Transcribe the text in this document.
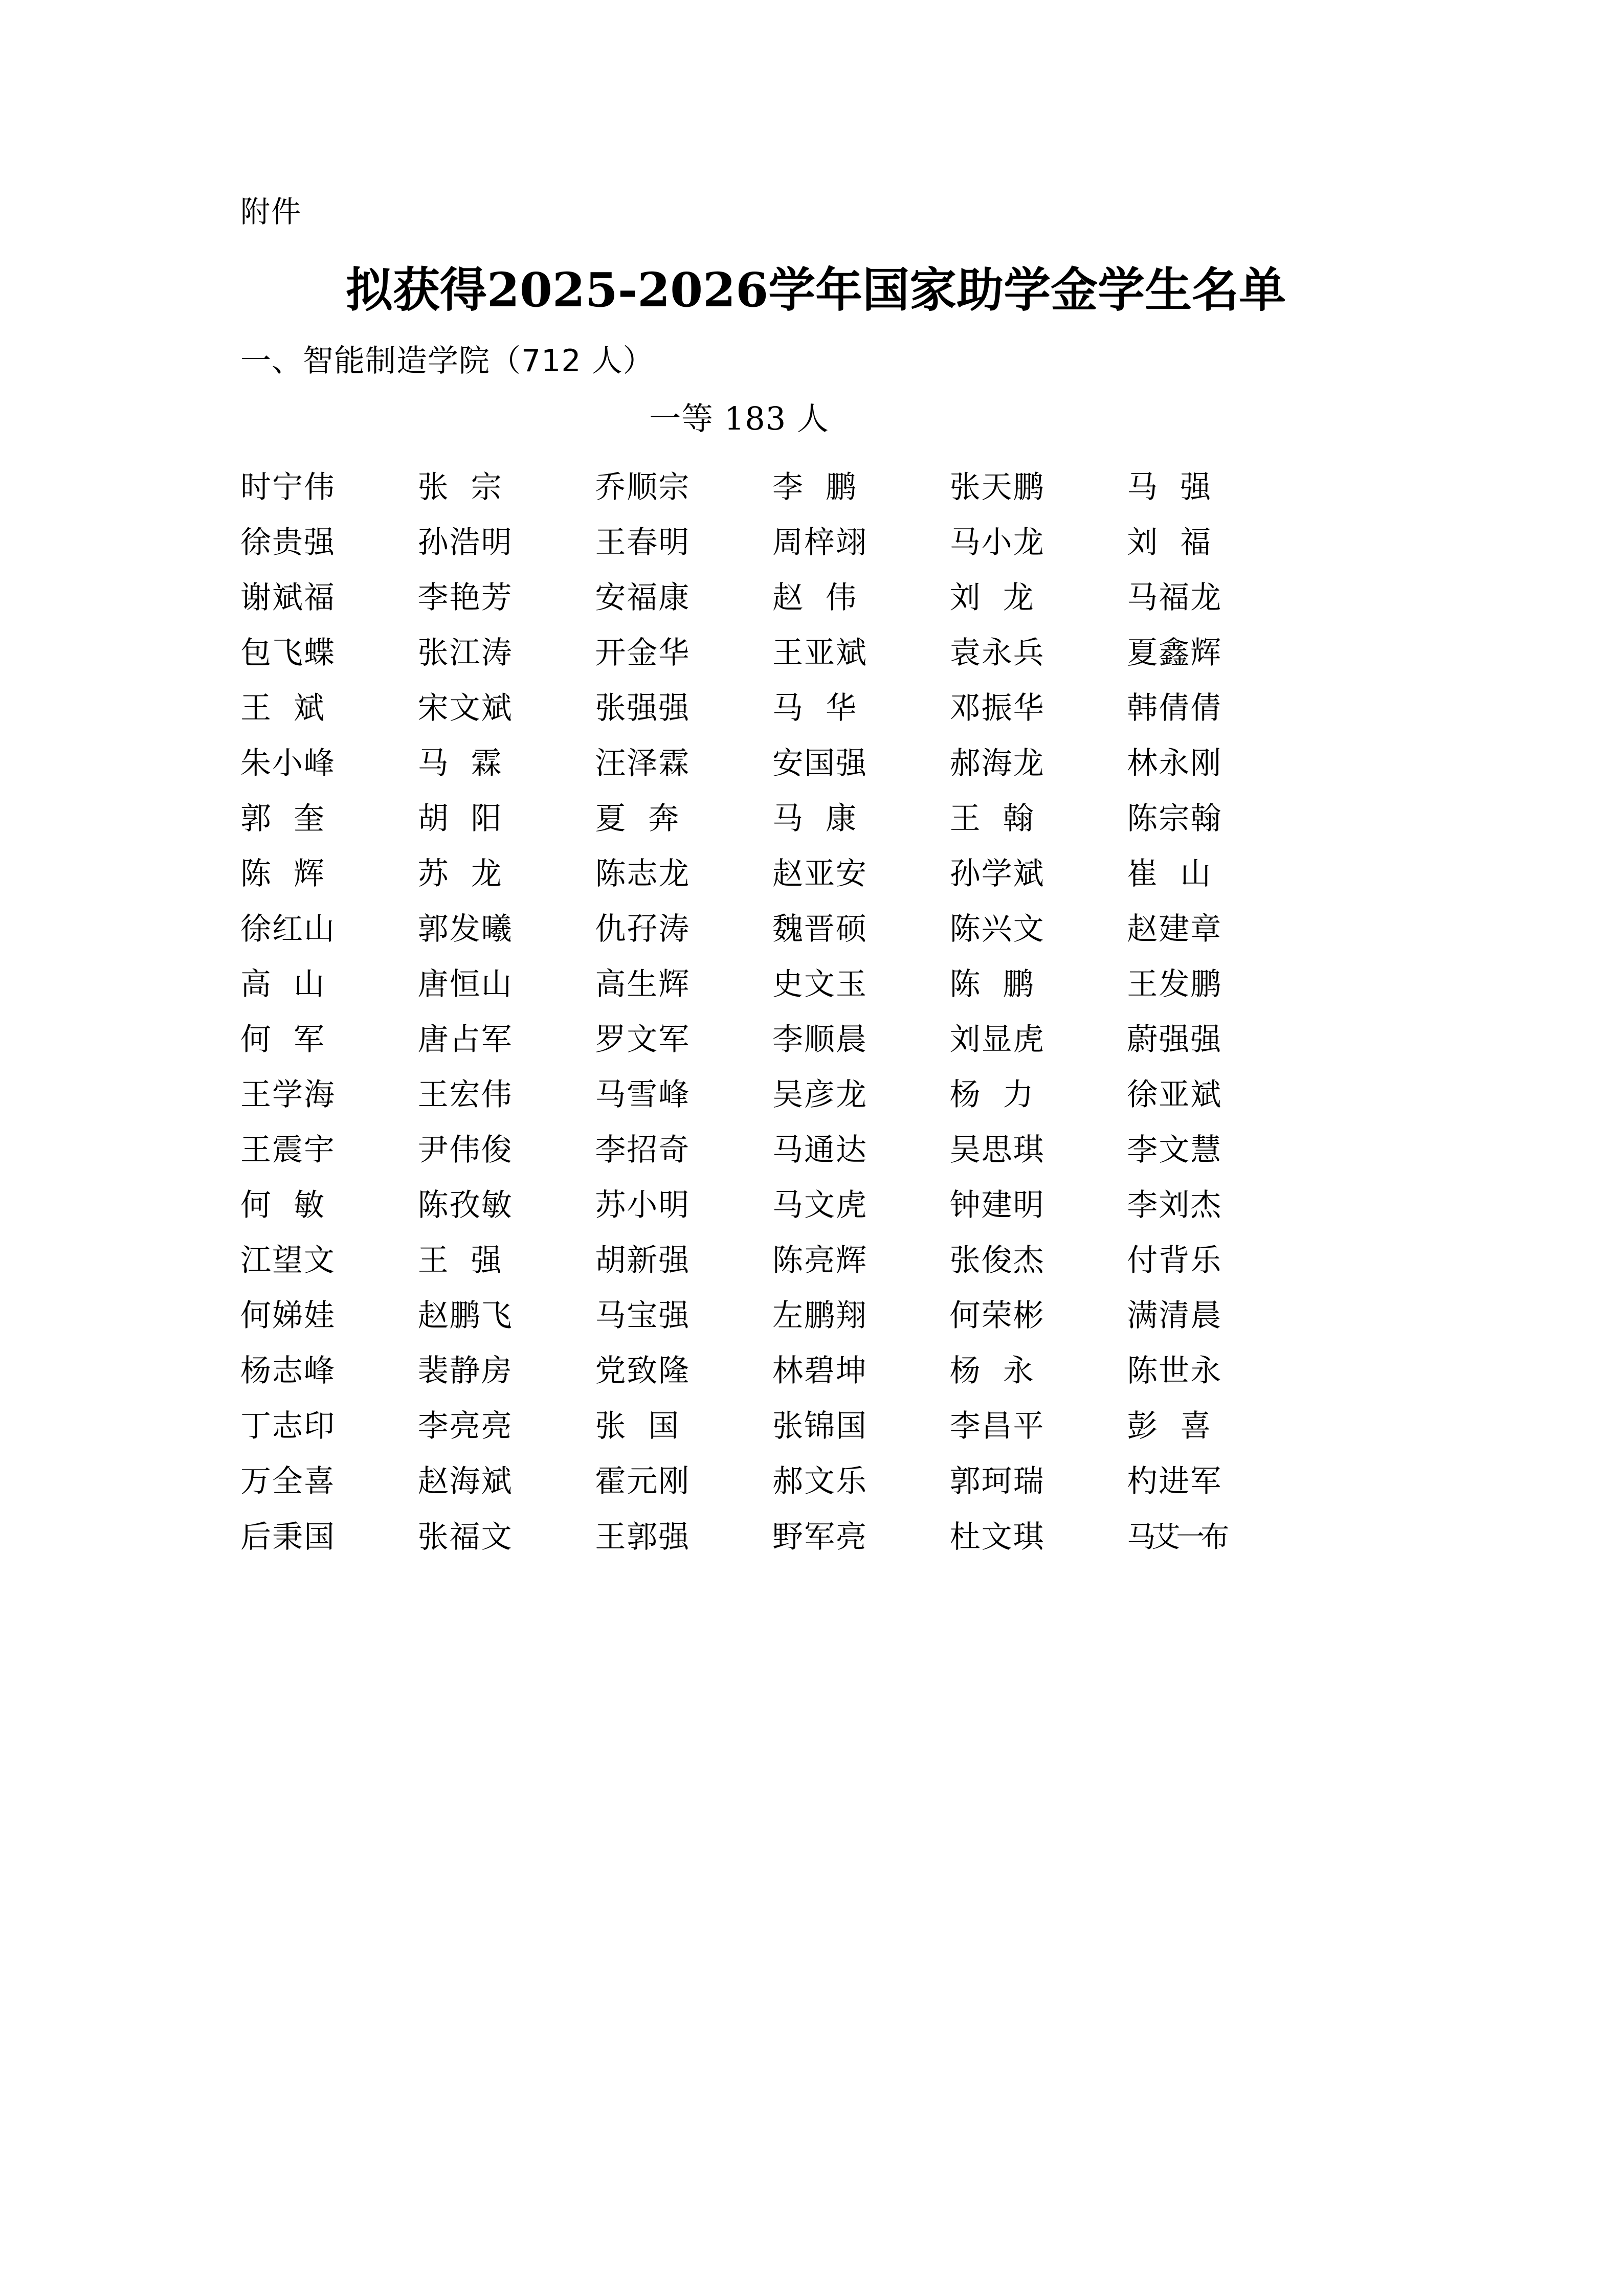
附件
拟获得2025-2026学年国家助学金学生名单
一、智能制造学院（712 人）
一等 183 人
时宁伟	张宗	乔顺宗	李鹏	张天鹏	马强
徐贵强	孙浩明	王春明	周梓翊	马小龙	刘福
谢斌福	李艳芳	安福康	赵伟	刘龙	马福龙
包飞蝶	张江涛	开金华	王亚斌	袁永兵	夏鑫辉
王斌	宋文斌	张强强	马华	邓振华	韩倩倩
朱小峰	马霖	汪泽霖	安国强	郝海龙	林永刚
郭奎	胡阳	夏奔	马康	王翰	陈宗翰
陈辉	苏龙	陈志龙	赵亚安	孙学斌	崔山
徐红山	郭发曦	仇孖涛	魏晋硕	陈兴文	赵建章
高山	唐恒山	高生辉	史文玉	陈鹏	王发鹏
何军	唐占军	罗文军	李顺晨	刘显虎	蔚强强
王学海	王宏伟	马雪峰	吴彦龙	杨力	徐亚斌
王震宇	尹伟俊	李招奇	马通达	吴思琪	李文慧
何敏	陈孜敏	苏小明	马文虎	钟建明	李刘杰
江望文	王强	胡新强	陈亮辉	张俊杰	付背乐
何娣娃	赵鹏飞	马宝强	左鹏翔	何荣彬	满清晨
杨志峰	裴静房	党致隆	林碧坤	杨永	陈世永
丁志印	李亮亮	张国	张锦国	李昌平	彭喜
万全喜	赵海斌	霍元刚	郝文乐	郭珂瑞	杓进军
后秉国	张福文	王郭强	野军亮	杜文琪	马艾一布
